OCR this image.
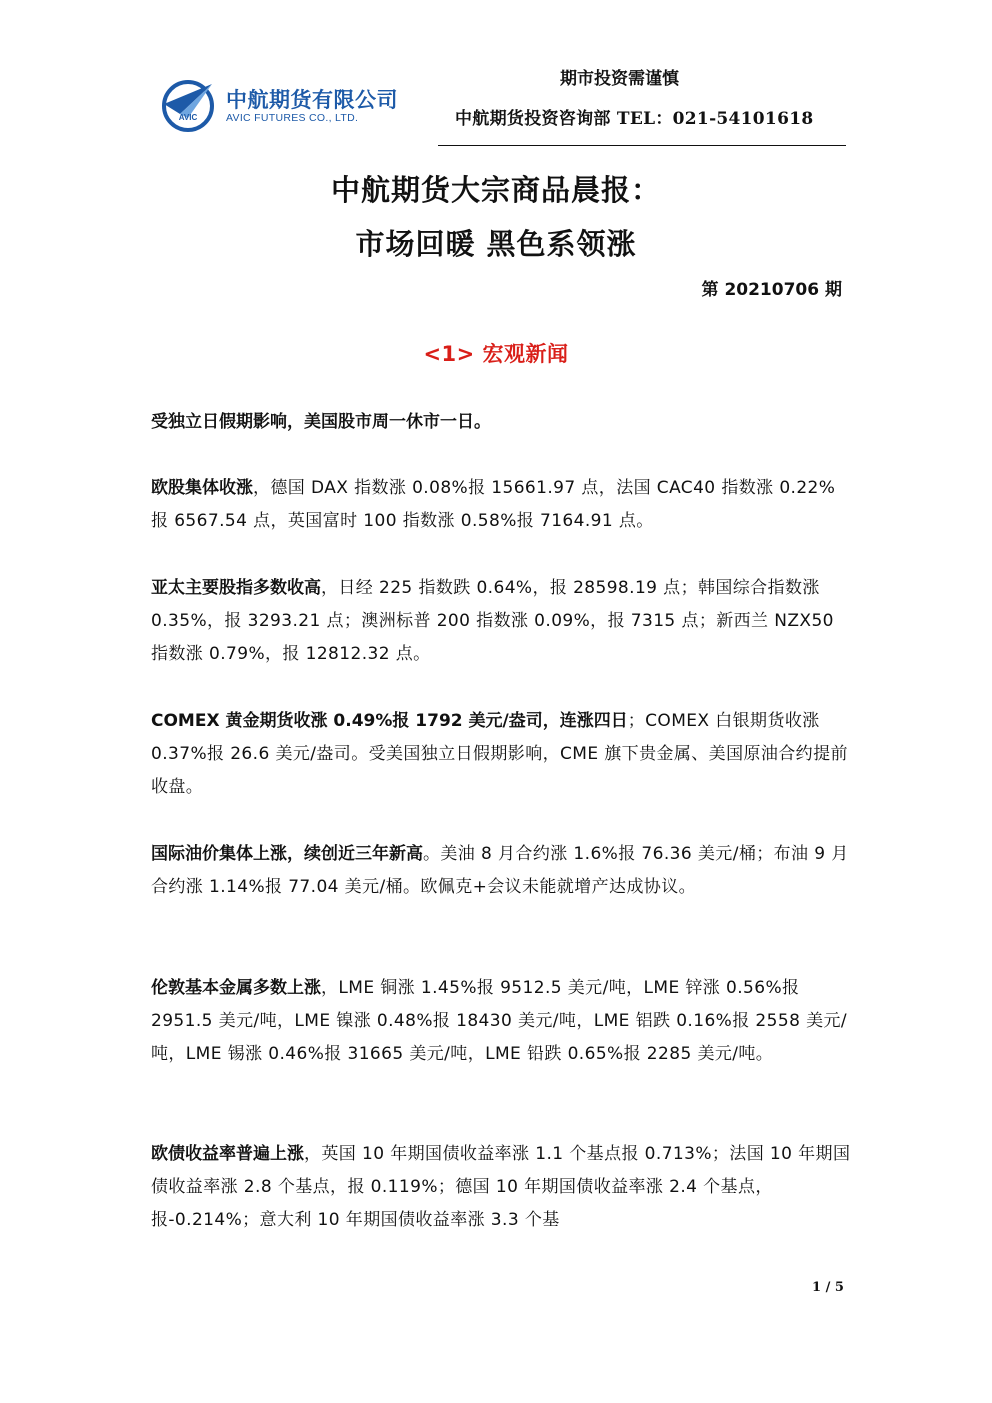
AVIC
中航期货有限公司
AVIC FUTURES CO., LTD.
期市投资需谨慎
中航期货投资咨询部 TEL：021-54101618
中航期货大宗商品晨报：
市场回暖 黑色系领涨
第 20210706 期
<1> 宏观新闻
受独立日假期影响，美国股市周一休市一日。
欧股集体收涨，德国 DAX 指数涨 0.08%报 15661.97 点，法国 CAC40 指数涨 0.22%报 6567.54 点，英国富时 100 指数涨 0.58%报 7164.91 点。
亚太主要股指多数收高，日经 225 指数跌 0.64%，报 28598.19 点；韩国综合指数涨 0.35%，报 3293.21 点；澳洲标普 200 指数涨 0.09%，报 7315 点；新西兰 NZX50 指数涨 0.79%，报 12812.32 点。
COMEX 黄金期货收涨 0.49%报 1792 美元/盎司，连涨四日；COMEX 白银期货收涨 0.37%报 26.6 美元/盎司。受美国独立日假期影响，CME 旗下贵金属、美国原油合约提前收盘。
国际油价集体上涨，续创近三年新高。美油 8 月合约涨 1.6%报 76.36 美元/桶；布油 9 月合约涨 1.14%报 77.04 美元/桶。欧佩克+会议未能就增产达成协议。
伦敦基本金属多数上涨，LME 铜涨 1.45%报 9512.5 美元/吨，LME 锌涨 0.56%报 2951.5 美元/吨，LME 镍涨 0.48%报 18430 美元/吨，LME 铝跌 0.16%报 2558 美元/吨，LME 锡涨 0.46%报 31665 美元/吨，LME 铅跌 0.65%报 2285 美元/吨。
欧债收益率普遍上涨，英国 10 年期国债收益率涨 1.1 个基点报 0.713%；法国 10 年期国债收益率涨 2.8 个基点，报 0.119%；德国 10 年期国债收益率涨 2.4 个基点，报-0.214%；意大利 10 年期国债收益率涨 3.3 个基
1 / 5
